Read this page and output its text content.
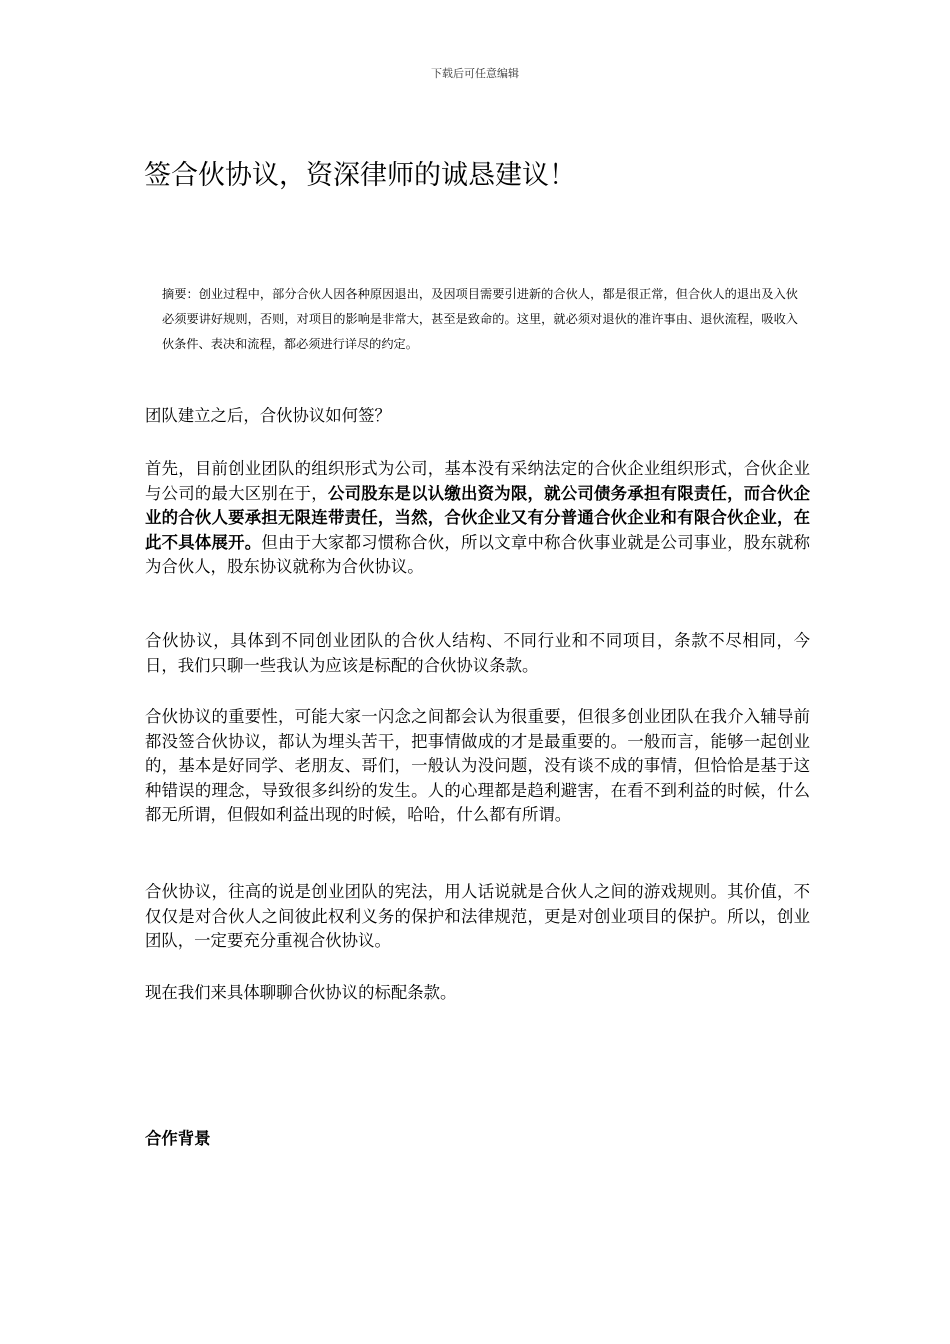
下载后可任意编辑
签合伙协议，资深律师的诚恳建议！

摘要：创业过程中，部分合伙人因各种原因退出，及因项目需要引进新的合伙人，都是很正常，但合伙人的退出及入伙必须要讲好规则，否则，对项目的影响是非常大，甚至是致命的。这里，就必须对退伙的准许事由、退伙流程，吸收入伙条件、表决和流程，都必须进行详尽的约定。

团队建立之后，合伙协议如何签？

首先，目前创业团队的组织形式为公司，基本没有采纳法定的合伙企业组织形式，合伙企业与公司的最大区别在于，公司股东是以认缴出资为限，就公司债务承担有限责任，而合伙企业的合伙人要承担无限连带责任，当然，合伙企业又有分普通合伙企业和有限合伙企业，在此不具体展开。但由于大家都习惯称合伙，所以文章中称合伙事业就是公司事业，股东就称为合伙人，股东协议就称为合伙协议。

合伙协议，具体到不同创业团队的合伙人结构、不同行业和不同项目，条款不尽相同，今日，我们只聊一些我认为应该是标配的合伙协议条款。

合伙协议的重要性，可能大家一闪念之间都会认为很重要，但很多创业团队在我介入辅导前都没签合伙协议，都认为埋头苦干，把事情做成的才是最重要的。一般而言，能够一起创业的，基本是好同学、老朋友、哥们，一般认为没问题，没有谈不成的事情，但恰恰是基于这种错误的理念，导致很多纠纷的发生。人的心理都是趋利避害，在看不到利益的时候，什么都无所谓，但假如利益出现的时候，哈哈，什么都有所谓。

合伙协议，往高的说是创业团队的宪法，用人话说就是合伙人之间的游戏规则。其价值，不仅仅是对合伙人之间彼此权利义务的保护和法律规范，更是对创业项目的保护。所以，创业团队，一定要充分重视合伙协议。

现在我们来具体聊聊合伙协议的标配条款。

合作背景
